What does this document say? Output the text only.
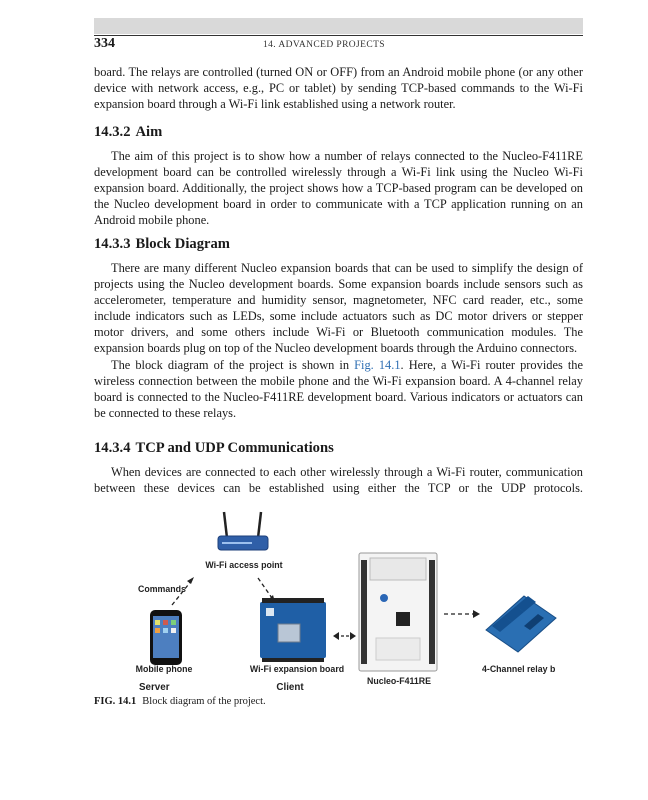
334	14. ADVANCED PROJECTS

board. The relays are controlled (turned ON or OFF) from an Android mobile phone (or any other device with network access, e.g., PC or tablet) by sending TCP-based commands to the Wi-Fi expansion board through a Wi-Fi link established using a network router.

14.3.2 Aim

The aim of this project is to show how a number of relays connected to the Nucleo-F411RE development board can be controlled wirelessly through a Wi-Fi link using the Nucleo Wi-Fi expansion board. Additionally, the project shows how a TCP-based program can be developed on the Nucleo development board in order to communicate with a TCP application running on an Android mobile phone.

14.3.3 Block Diagram

There are many different Nucleo expansion boards that can be used to simplify the design of projects using the Nucleo development boards. Some expansion boards include sensors such as accelerometer, temperature and humidity sensor, magnetometer, NFC card reader, etc., some include indicators such as LEDs, some include actuators such as DC motor drivers or stepper motor drivers, and some others include Wi-Fi or Bluetooth communication modules. The expansion boards plug on top of the Nucleo development boards through the Arduino connectors.

The block diagram of the project is shown in Fig. 14.1. Here, a Wi-Fi router provides the wireless connection between the mobile phone and the Wi-Fi expansion board. A 4-channel relay board is connected to the Nucleo-F411RE development board. Various indicators or actuators can be connected to these relays.

14.3.4 TCP and UDP Communications

When devices are connected to each other wirelessly through a Wi-Fi router, communication between these devices can be established using either the TCP or the UDP protocols.

Wi-Fi access point
Commands
Mobile phone
Server
Wi-Fi expansion board
Client
Nucleo-F411RE
4-Channel relay b
FIG. 14.1 Block diagram of the project.
